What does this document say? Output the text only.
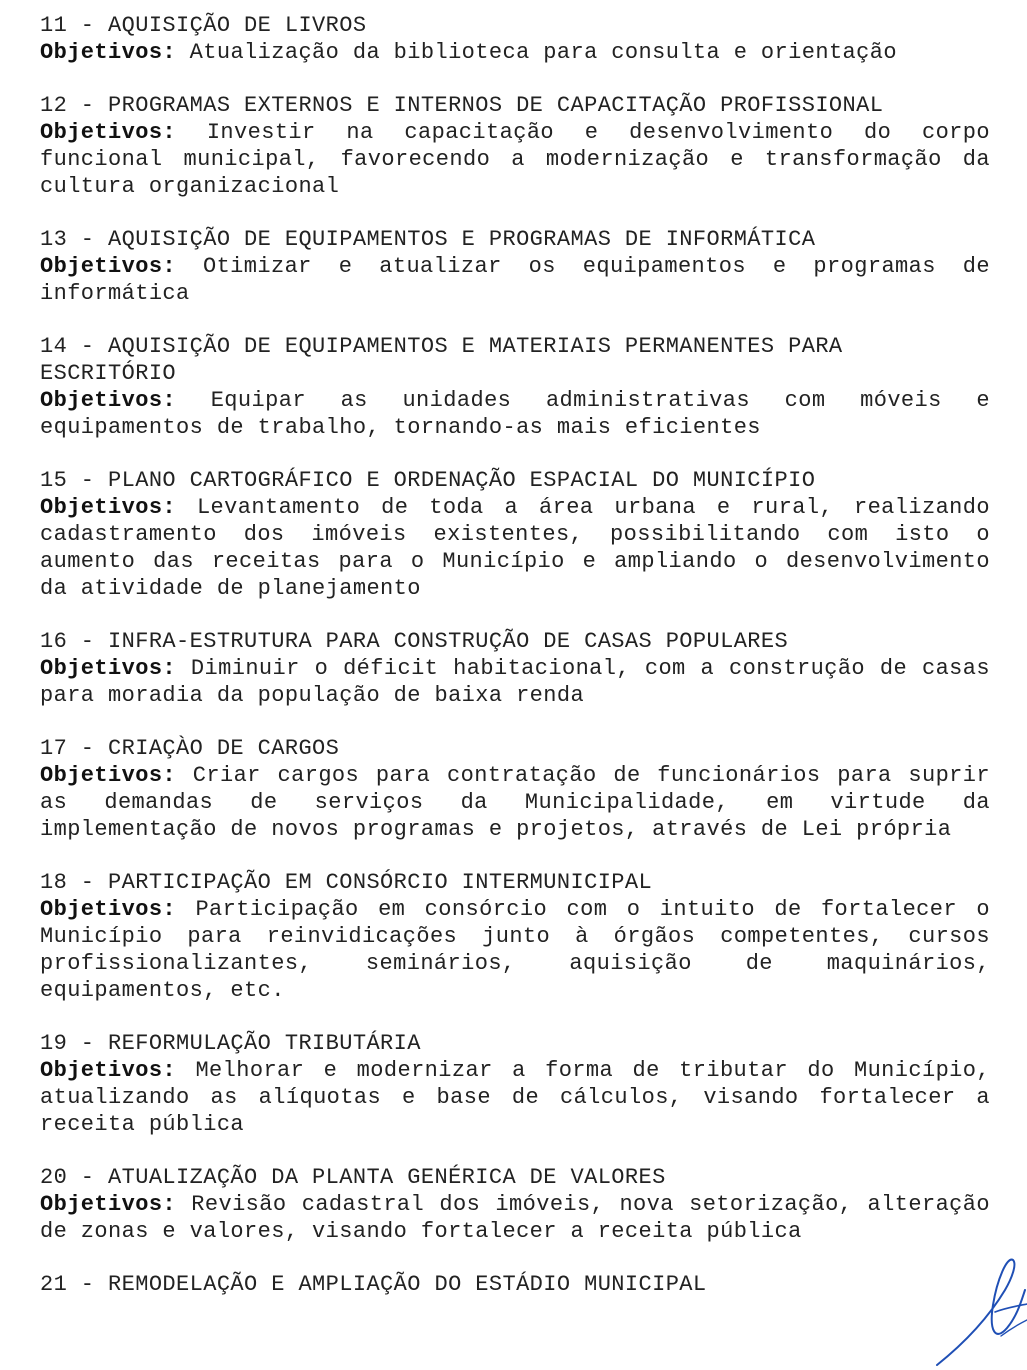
11 - AQUISIÇÃO DE LIVROS
Objetivos: Atualização da biblioteca para consulta e orientação
12 - PROGRAMAS EXTERNOS E INTERNOS DE CAPACITAÇÃO PROFISSIONAL
Objetivos: Investir na capacitação e desenvolvimento do corpo funcional municipal, favorecendo a modernização e transformação da cultura organizacional
13 - AQUISIÇÃO DE EQUIPAMENTOS E PROGRAMAS DE INFORMÁTICA
Objetivos: Otimizar e atualizar os equipamentos e programas de informática
14 - AQUISIÇÃO DE EQUIPAMENTOS E MATERIAIS PERMANENTES PARA ESCRITÓRIO
Objetivos: Equipar as unidades administrativas com móveis e equipamentos de trabalho, tornando-as mais eficientes
15 - PLANO CARTOGRÁFICO E ORDENAÇÃO ESPACIAL DO MUNICÍPIO
Objetivos: Levantamento de toda a área urbana e rural, realizando cadastramento dos imóveis existentes, possibilitando com isto o aumento das receitas para o Município e ampliando o desenvolvimento da atividade de planejamento
16 - INFRA-ESTRUTURA PARA CONSTRUÇÃO DE CASAS POPULARES
Objetivos: Diminuir o déficit habitacional, com a construção de casas para moradia da população de baixa renda
17 - CRIAÇÀO DE CARGOS
Objetivos: Criar cargos para contratação de funcionários para suprir as demandas de serviços da Municipalidade, em virtude da implementação de novos programas e projetos, através de Lei própria
18 - PARTICIPAÇÃO EM CONSÓRCIO INTERMUNICIPAL
Objetivos: Participação em consórcio com o intuito de fortalecer o Município para reinvidicações junto à órgãos competentes, cursos profissionalizantes, seminários, aquisição de maquinários, equipamentos, etc.
19 - REFORMULAÇÃO TRIBUTÁRIA
Objetivos: Melhorar e modernizar a forma de tributar do Município, atualizando as alíquotas e base de cálculos, visando fortalecer a receita pública
20 - ATUALIZAÇÃO DA PLANTA GENÉRICA DE VALORES
Objetivos: Revisão cadastral dos imóveis, nova setorização, alteração de zonas e valores, visando fortalecer a receita pública
21 - REMODELAÇÃO E AMPLIAÇÃO DO ESTÁDIO MUNICIPAL
